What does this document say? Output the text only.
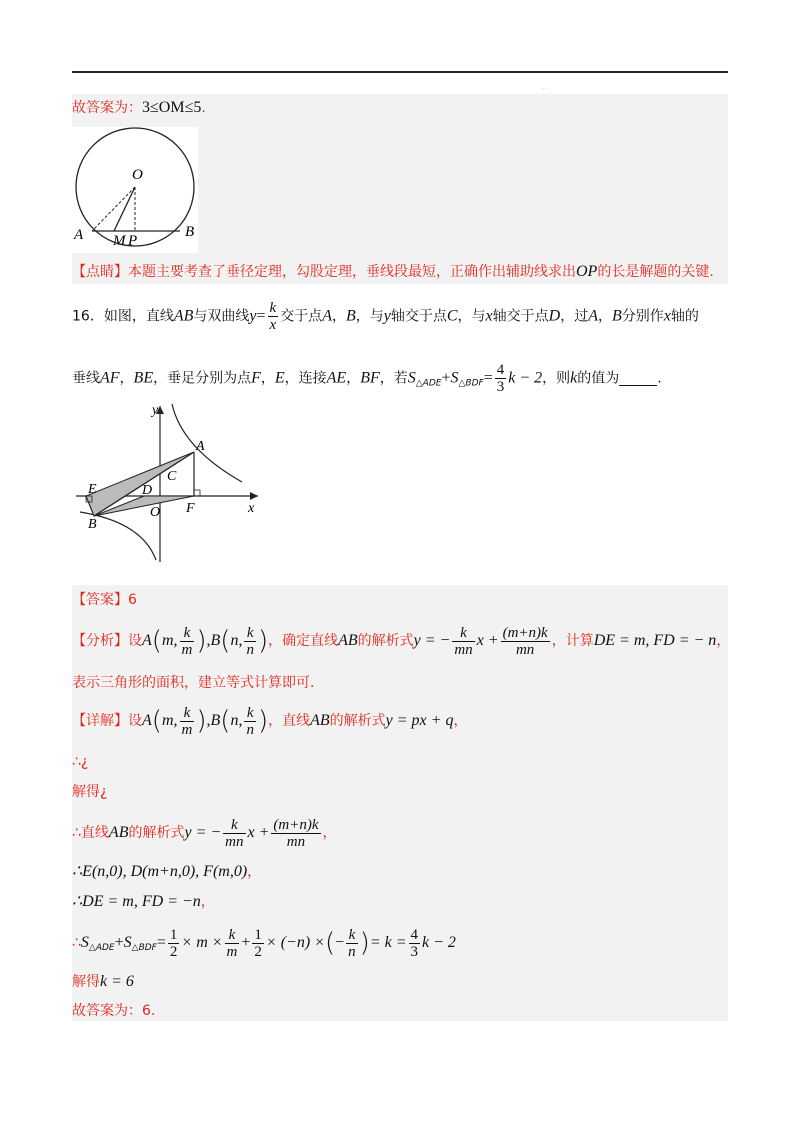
.
故答案为：3≤OM≤5.
O
A	B
M P
【点睛】本题主要考查了垂径定理，勾股定理，垂线段最短，正确作出辅助线求出OP的长是解题的关键.
16．如图，直线AB与双曲线$y= \frac{k}{x}$ 交于点A，B，与y轴交于点C，与x轴交于点D，过A，B分别作x轴的
垂线AF，BE，垂足分别为点F，E，连接AE，BF，若$S_{\triangle ADE}+S_{\triangle BDF}= \frac{4}{3}$ k − 2，则k的值为	.
y
x
A
C
E	D
B
O F
【答案】6
【分析】设A(m, $\frac{k}{m} ),B(n$, $\frac{k}{n}$ )，确定直线AB的解析式y = − $\frac{k}{mn}$ $x + \frac{(m+n)k}{mn}$ ，计算DE = m, FD = − n，
表示三角形的面积，建立等式计算即可.
【详解】设A(m, $\frac{k}{m} ),B(n$, $\frac{k}{n}$ )，直线AB的解析式y = px + q，
∴¿
解得¿
∴直线AB的解析式y = − $\frac{k}{mn}$ $x + \frac{(m+n)k}{mn}$ ，
∴E(n,0), D(m+n,0), F(m,0)，
∴DE = m, FD = −n，
$\therefore S_{\triangle ADE}+S_{\triangle BDF}= \frac{1}{2} \times m \times \frac{k}{m} + \frac{1}{2} \times (-n)$ ×(− $\frac{k}{n}$ )= $k = \frac{4}{3}$ k − 2
解得k = 6
故答案为：6.
